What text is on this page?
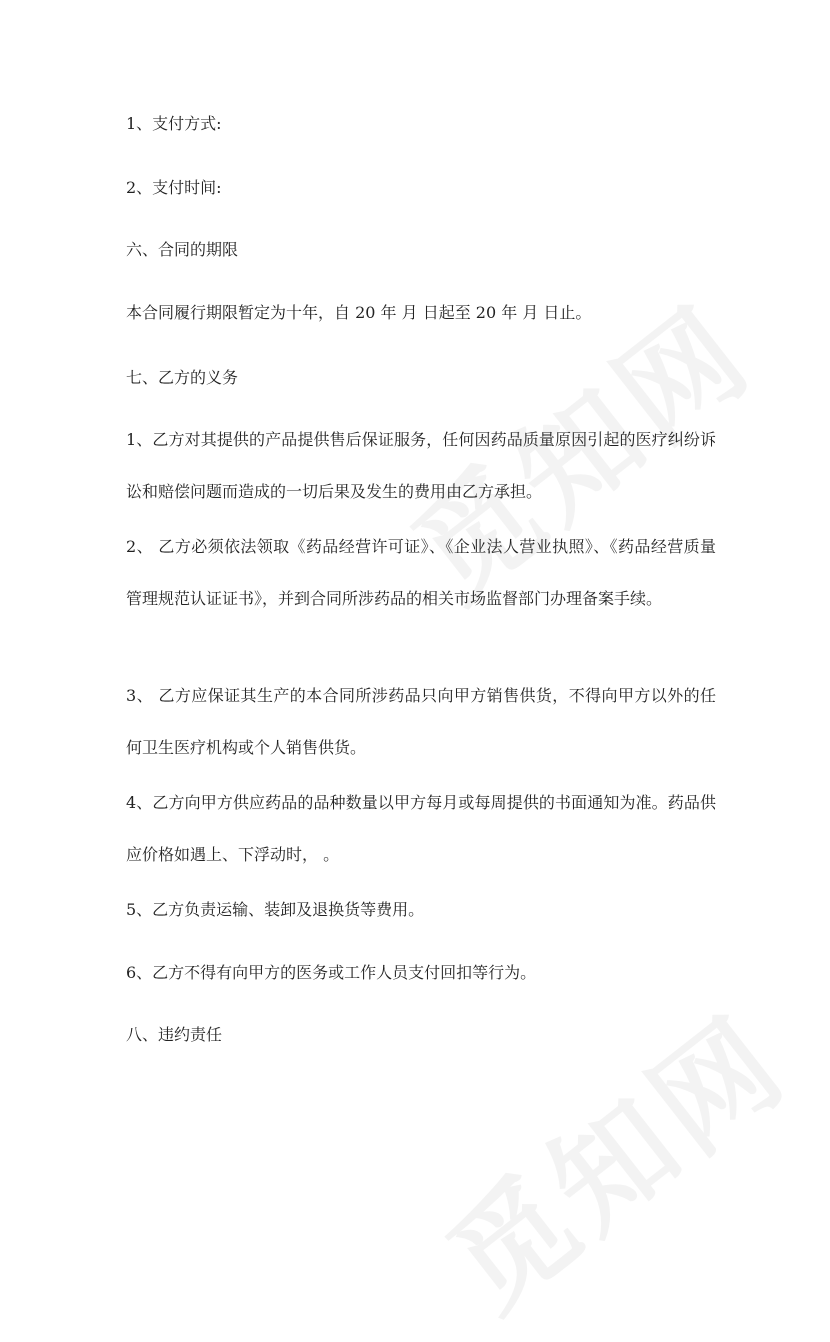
1、支付方式:
2、支付时间:
六、合同的期限
本合同履行期限暂定为十年，自 20 年 月 日起至 20 年 月 日止。
七、乙方的义务
1、乙方对其提供的产品提供售后保证服务，任何因药品质量原因引起的医疗纠纷诉讼和赔偿问题而造成的一切后果及发生的费用由乙方承担。
2、 乙方必须依法领取《药品经营许可证》、《企业法人营业执照》、《药品经营质量管理规范认证证书》，并到合同所涉药品的相关市场监督部门办理备案手续。
3、 乙方应保证其生产的本合同所涉药品只向甲方销售供货，不得向甲方以外的任何卫生医疗机构或个人销售供货。
4、乙方向甲方供应药品的品种数量以甲方每月或每周提供的书面通知为准。药品供应价格如遇上、下浮动时， 。
5、乙方负责运输、装卸及退换货等费用。
6、乙方不得有向甲方的医务或工作人员支付回扣等行为。
八、违约责任
